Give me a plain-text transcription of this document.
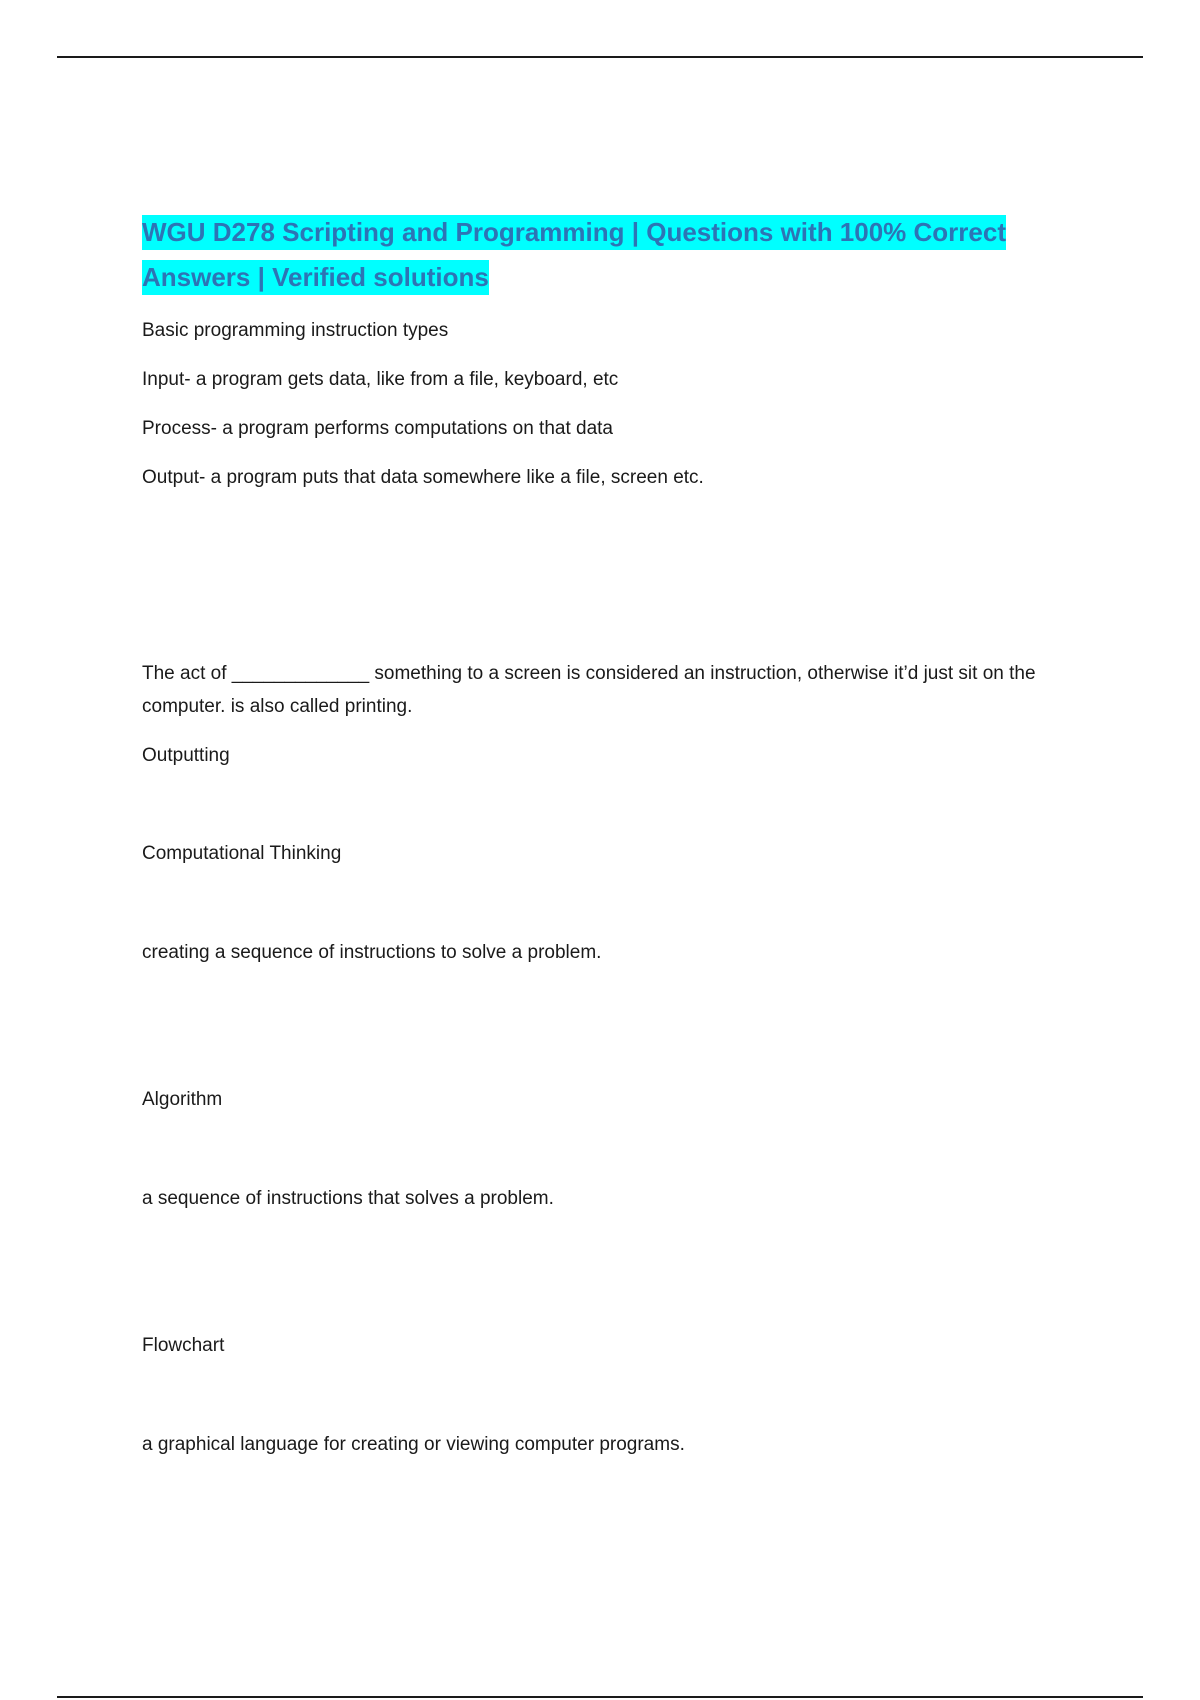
WGU D278 Scripting and Programming | Questions with 100% Correct Answers | Verified solutions
Basic programming instruction types
Input- a program gets data, like from a file, keyboard, etc
Process- a program performs computations on that data
Output- a program puts that data somewhere like a file, screen etc.
The act of _____________ something to a screen is considered an instruction, otherwise it’d just sit on the computer. is also called printing.
Outputting
Computational Thinking
creating a sequence of instructions to solve a problem.
Algorithm
a sequence of instructions that solves a problem.
Flowchart
a graphical language for creating or viewing computer programs.
